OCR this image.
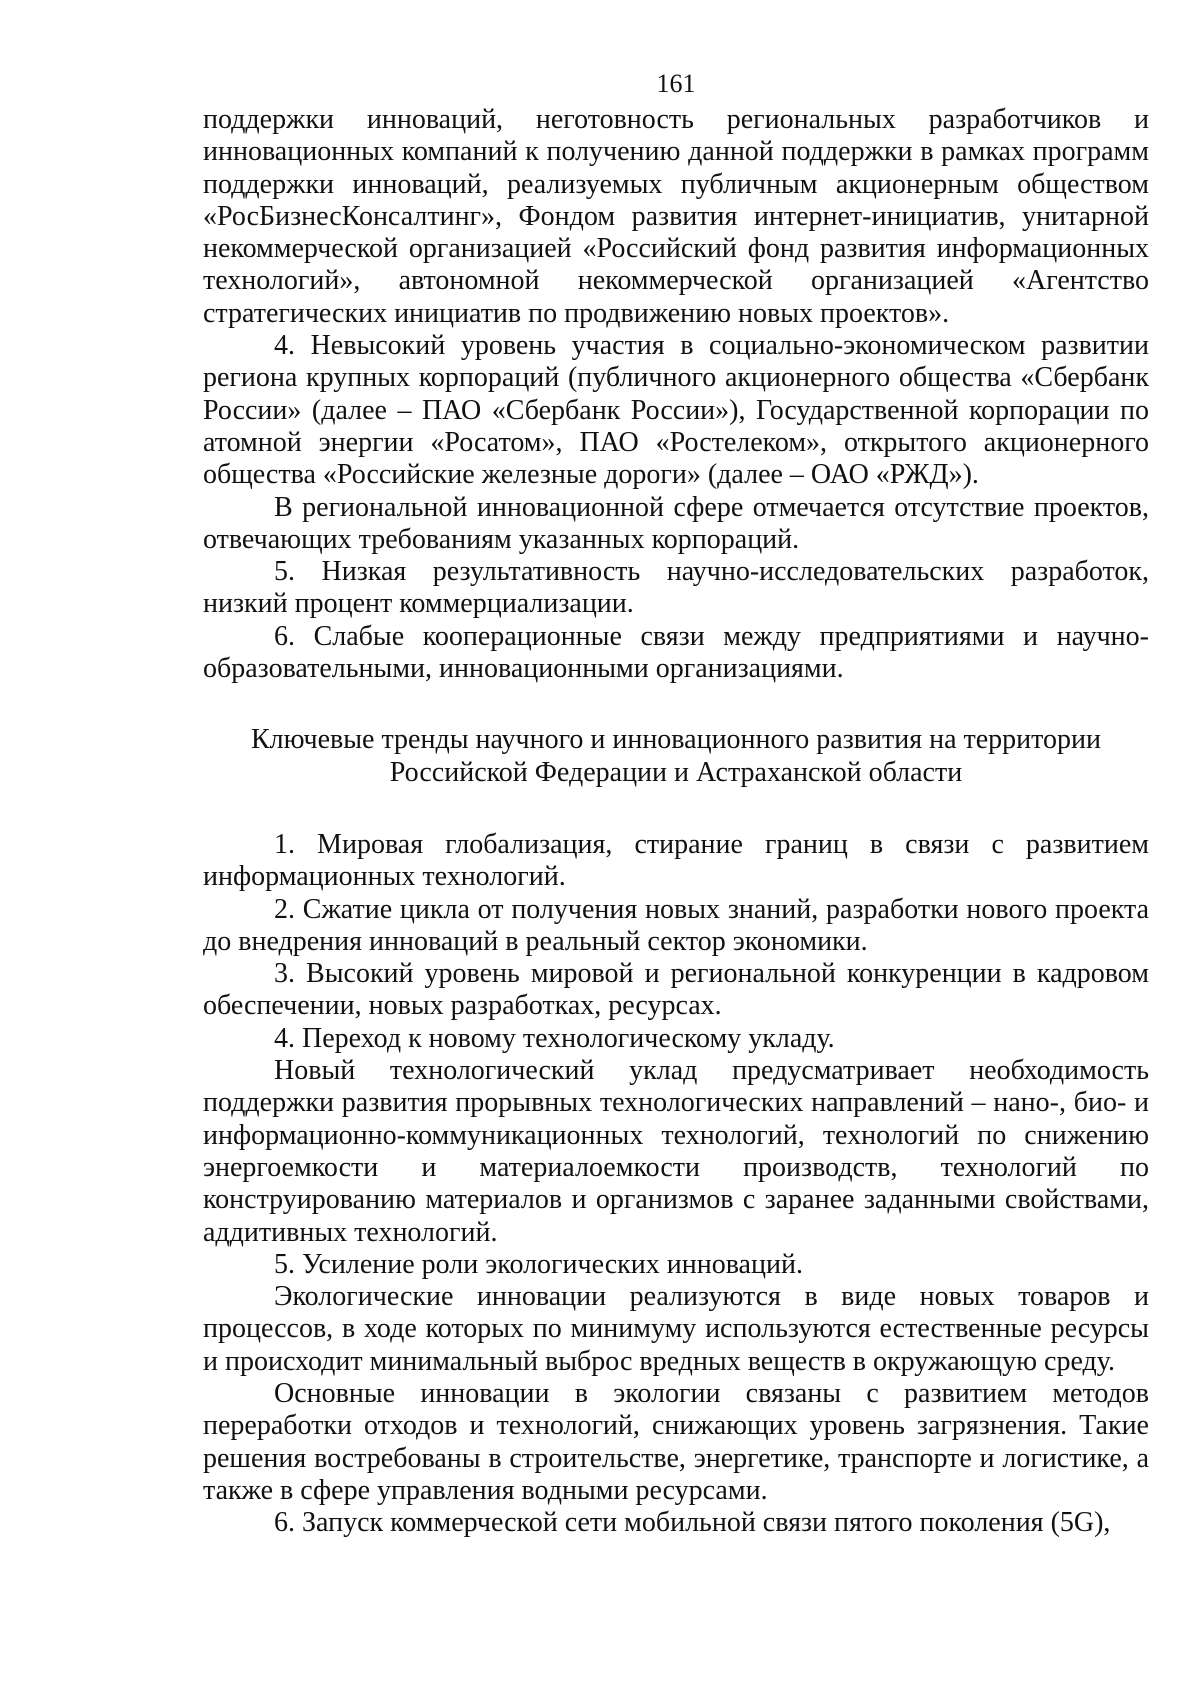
161

поддержки инноваций, неготовность региональных разработчиков и инновационных компаний к получению данной поддержки в рамках программ поддержки инноваций, реализуемых публичным акционерным обществом «РосБизнесКонсалтинг», Фондом развития интернет-инициатив, унитарной некоммерческой организацией «Российский фонд развития информационных технологий», автономной некоммерческой организацией «Агентство стратегических инициатив по продвижению новых проектов».

4. Невысокий уровень участия в социально-экономическом развитии региона крупных корпораций (публичного акционерного общества «Сбербанк России» (далее – ПАО «Сбербанк России»), Государственной корпорации по атомной энергии «Росатом», ПАО «Ростелеком», открытого акционерного общества «Российские железные дороги» (далее – ОАО «РЖД»).

В региональной инновационной сфере отмечается отсутствие проектов, отвечающих требованиям указанных корпораций.

5. Низкая результативность научно-исследовательских разработок, низкий процент коммерциализации.

6. Слабые кооперационные связи между предприятиями и научно-образовательными, инновационными организациями.

Ключевые тренды научного и инновационного развития на территории Российской Федерации и Астраханской области

1. Мировая глобализация, стирание границ в связи с развитием информационных технологий.

2. Сжатие цикла от получения новых знаний, разработки нового проекта до внедрения инноваций в реальный сектор экономики.

3. Высокий уровень мировой и региональной конкуренции в кадровом обеспечении, новых разработках, ресурсах.

4. Переход к новому технологическому укладу.

Новый технологический уклад предусматривает необходимость поддержки развития прорывных технологических направлений – нано-, био- и информационно-коммуникационных технологий, технологий по снижению энергоемкости и материалоемкости производств, технологий по конструированию материалов и организмов с заранее заданными свойствами, аддитивных технологий.

5. Усиление роли экологических инноваций.

Экологические инновации реализуются в виде новых товаров и процессов, в ходе которых по минимуму используются естественные ресурсы и происходит минимальный выброс вредных веществ в окружающую среду.

Основные инновации в экологии связаны с развитием методов переработки отходов и технологий, снижающих уровень загрязнения. Такие решения востребованы в строительстве, энергетике, транспорте и логистике, а также в сфере управления водными ресурсами.

6. Запуск коммерческой сети мобильной связи пятого поколения (5G),
